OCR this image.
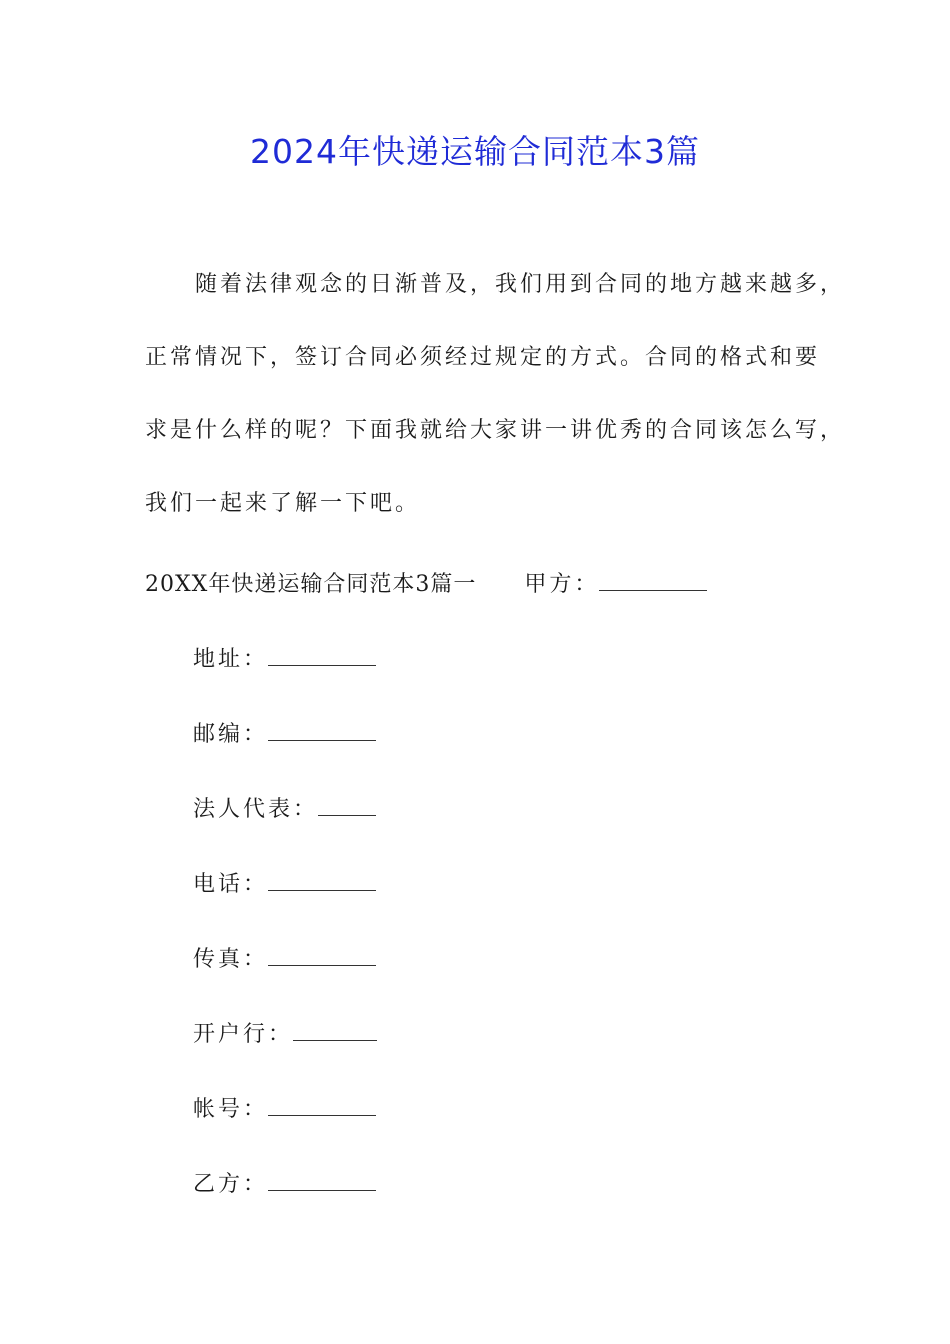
2024年快递运输合同范本3篇
随着法律观念的日渐普及，我们用到合同的地方越来越多，
正常情况下，签订合同必须经过规定的方式。合同的格式和要
求是什么样的呢？下面我就给大家讲一讲优秀的合同该怎么写，
我们一起来了解一下吧。
20XX年快递运输合同范本3篇一 甲方：
地址：
邮编：
法人代表：
电话：
传真：
开户行：
帐号：
乙方：
